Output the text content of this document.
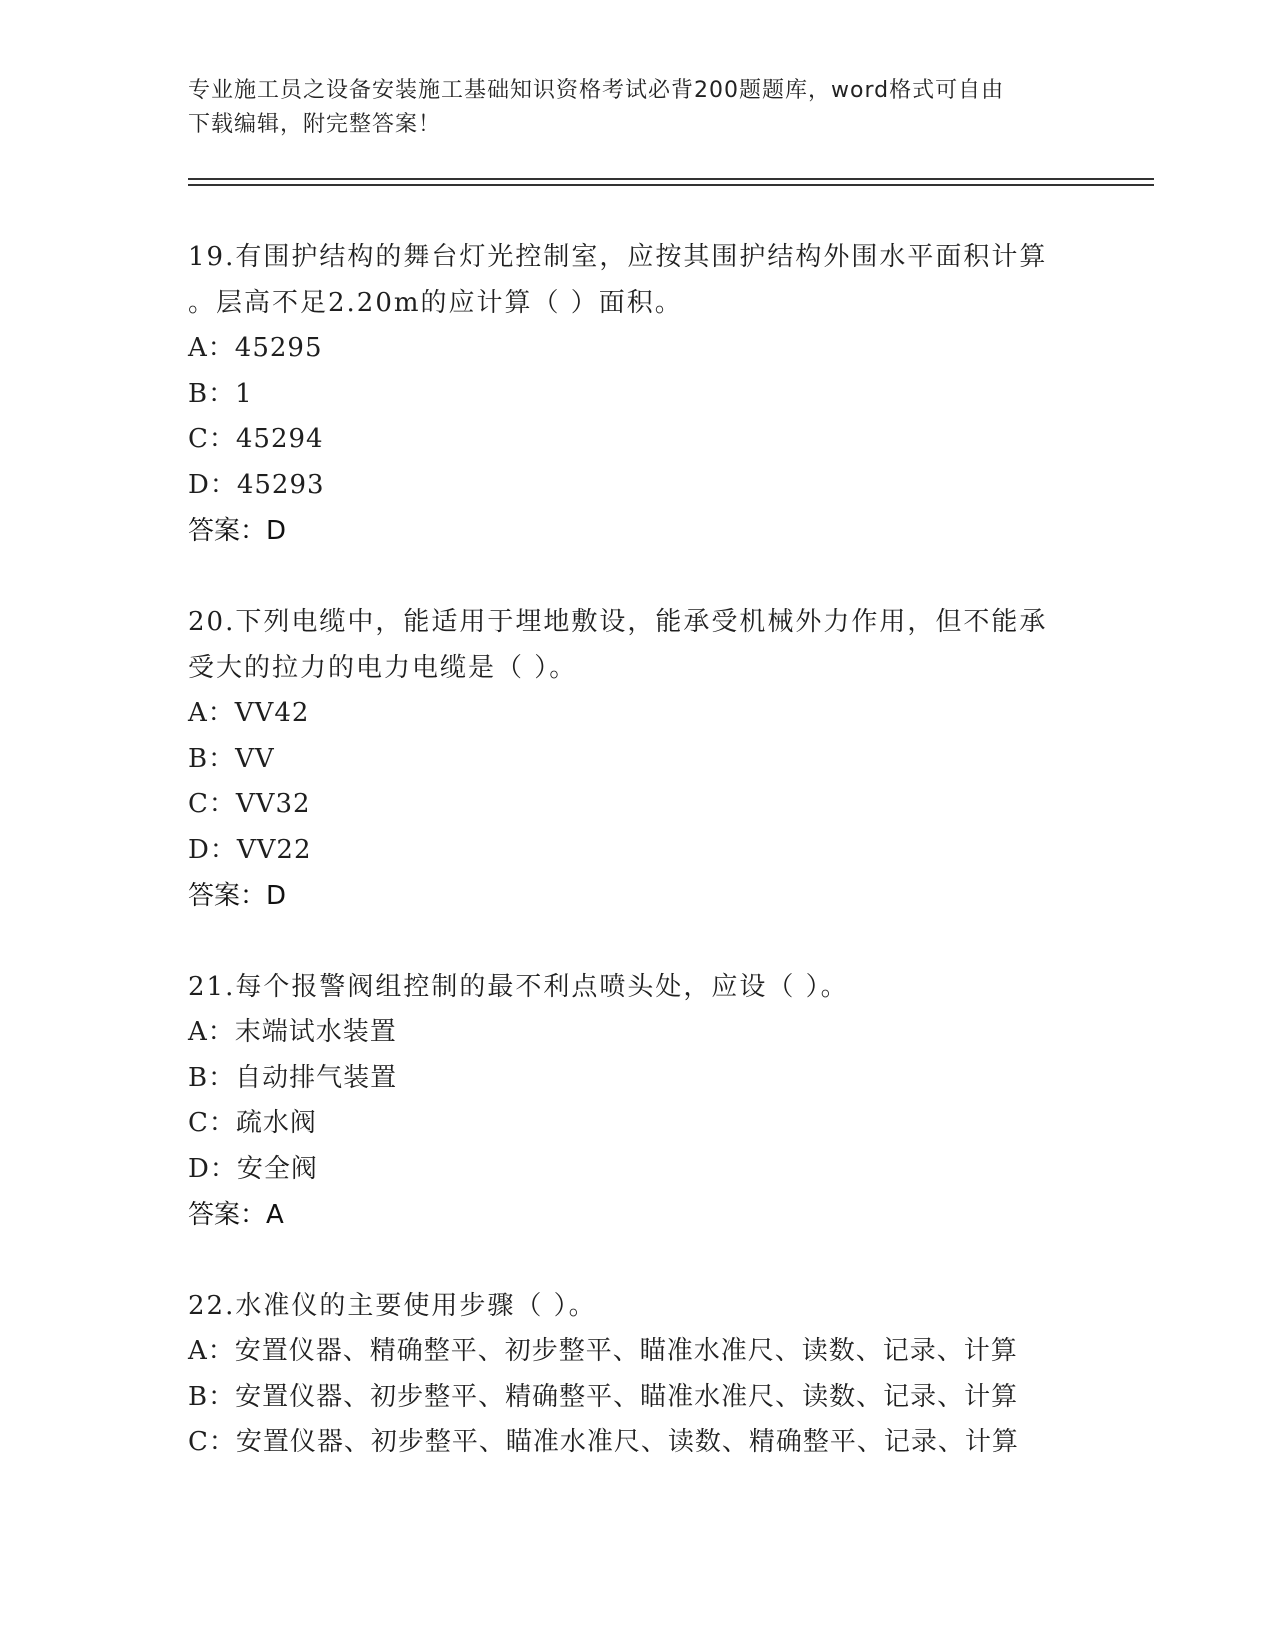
专业施工员之设备安装施工基础知识资格考试必背200题题库，word格式可自由
下载编辑，附完整答案！
19.有围护结构的舞台灯光控制室，应按其围护结构外围水平面积计算
。层高不足2.20m的应计算（ ）面积。
A：45295
B：1
C：45294
D：45293
答案：D
20.下列电缆中，能适用于埋地敷设，能承受机械外力作用，但不能承
受大的拉力的电力电缆是（ ）。
A：VV42
B：VV
C：VV32
D：VV22
答案：D
21.每个报警阀组控制的最不利点喷头处，应设（ ）。
A：末端试水装置
B：自动排气装置
C：疏水阀
D：安全阀
答案：A
22.水准仪的主要使用步骤（ ）。
A：安置仪器、精确整平、初步整平、瞄准水准尺、读数、记录、计算
B：安置仪器、初步整平、精确整平、瞄准水准尺、读数、记录、计算
C：安置仪器、初步整平、瞄准水准尺、读数、精确整平、记录、计算
